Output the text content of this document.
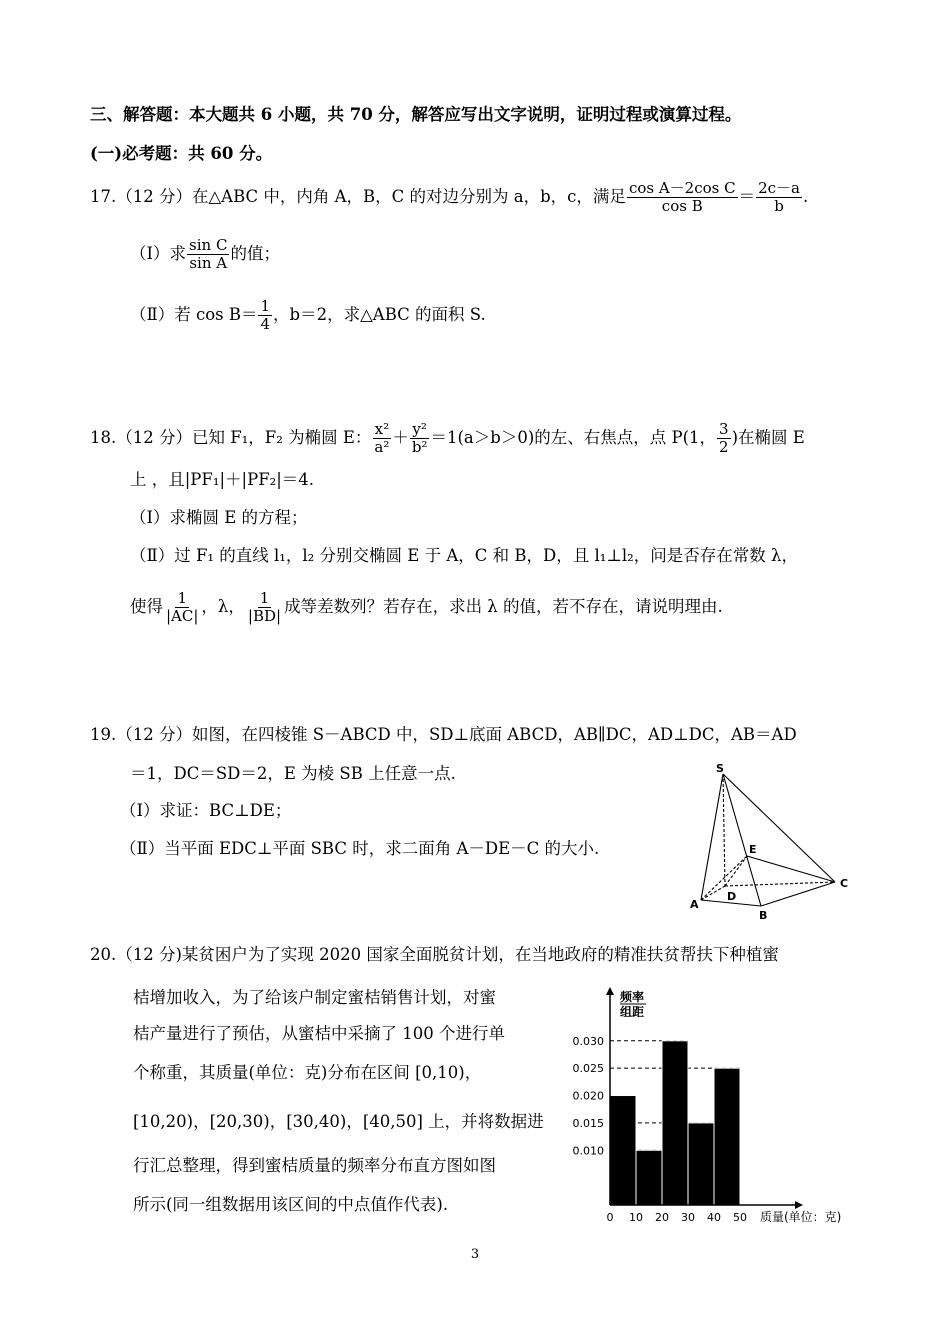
三、解答题：本大题共 6 小题，共 70 分，解答应写出文字说明，证明过程或演算过程。
(一)必考题：共 60 分。
17.（12 分）在△ABC 中，内角 A，B，C 的对边分别为 a，b，c，满足 $\frac{\text{cos A－2cos C}}{\text{cos B}} = \frac{2c-a}{b}$ .
（Ⅰ）求 $\frac{\text{sin C}}{\text{sin A}}$ 的值；
（Ⅱ）若 $\cos B= \frac{1}{4}$ ，b＝2，求△ABC 的面积 S.
18.（12 分）已知 F₁，F₂ 为椭圆 E： $\frac{\text{x²}}{\text{a²}} + \frac{\text{y²}}{\text{b²}} =1(a>b>0)$的左、右焦点，点 P(1， $\frac{3}{2}$ )在椭圆 E
上 ，且|PF₁|＋|PF₂|＝4.
（Ⅰ）求椭圆 E 的方程；
（Ⅱ）过 F₁ 的直线 l₁，l₂ 分别交椭圆 E 于 A，C 和 B，D，且 l₁⊥l₂，问是否存在常数 λ，
使得 $\frac{1}{|AC|}$ ，λ， $\frac{1}{|BD|}$ 成等差数列？若存在，求出 λ 的值，若不存在，请说明理由.
19.（12 分）如图，在四棱锥 S－ABCD 中，SD⊥底面 ABCD，AB∥DC，AD⊥DC，AB＝AD
＝1，DC＝SD＝2，E 为棱 SB 上任意一点.
（Ⅰ）求证：BC⊥DE；
（Ⅱ）当平面 EDC⊥平面 SBC 时，求二面角 A－DE－C 的大小.
S
E
D
A
B
C
20.（12 分)某贫困户为了实现 2020 国家全面脱贫计划，在当地政府的精准扶贫帮扶下种植蜜
桔增加收入，为了给该户制定蜜桔销售计划，对蜜
桔产量进行了预估，从蜜桔中采摘了 100 个进行单
个称重，其质量(单位：克)分布在区间 [0,10)，
[10,20)，[20,30)，[30,40)，[40,50] 上，并将数据进
行汇总整理，得到蜜桔质量的频率分布直方图如图
所示(同一组数据用该区间的中点值作代表).
0.010
0.015
0.020
0.025
0.030
0 10 20 30 40 50
频率
组距
质量(单位：克)
3
